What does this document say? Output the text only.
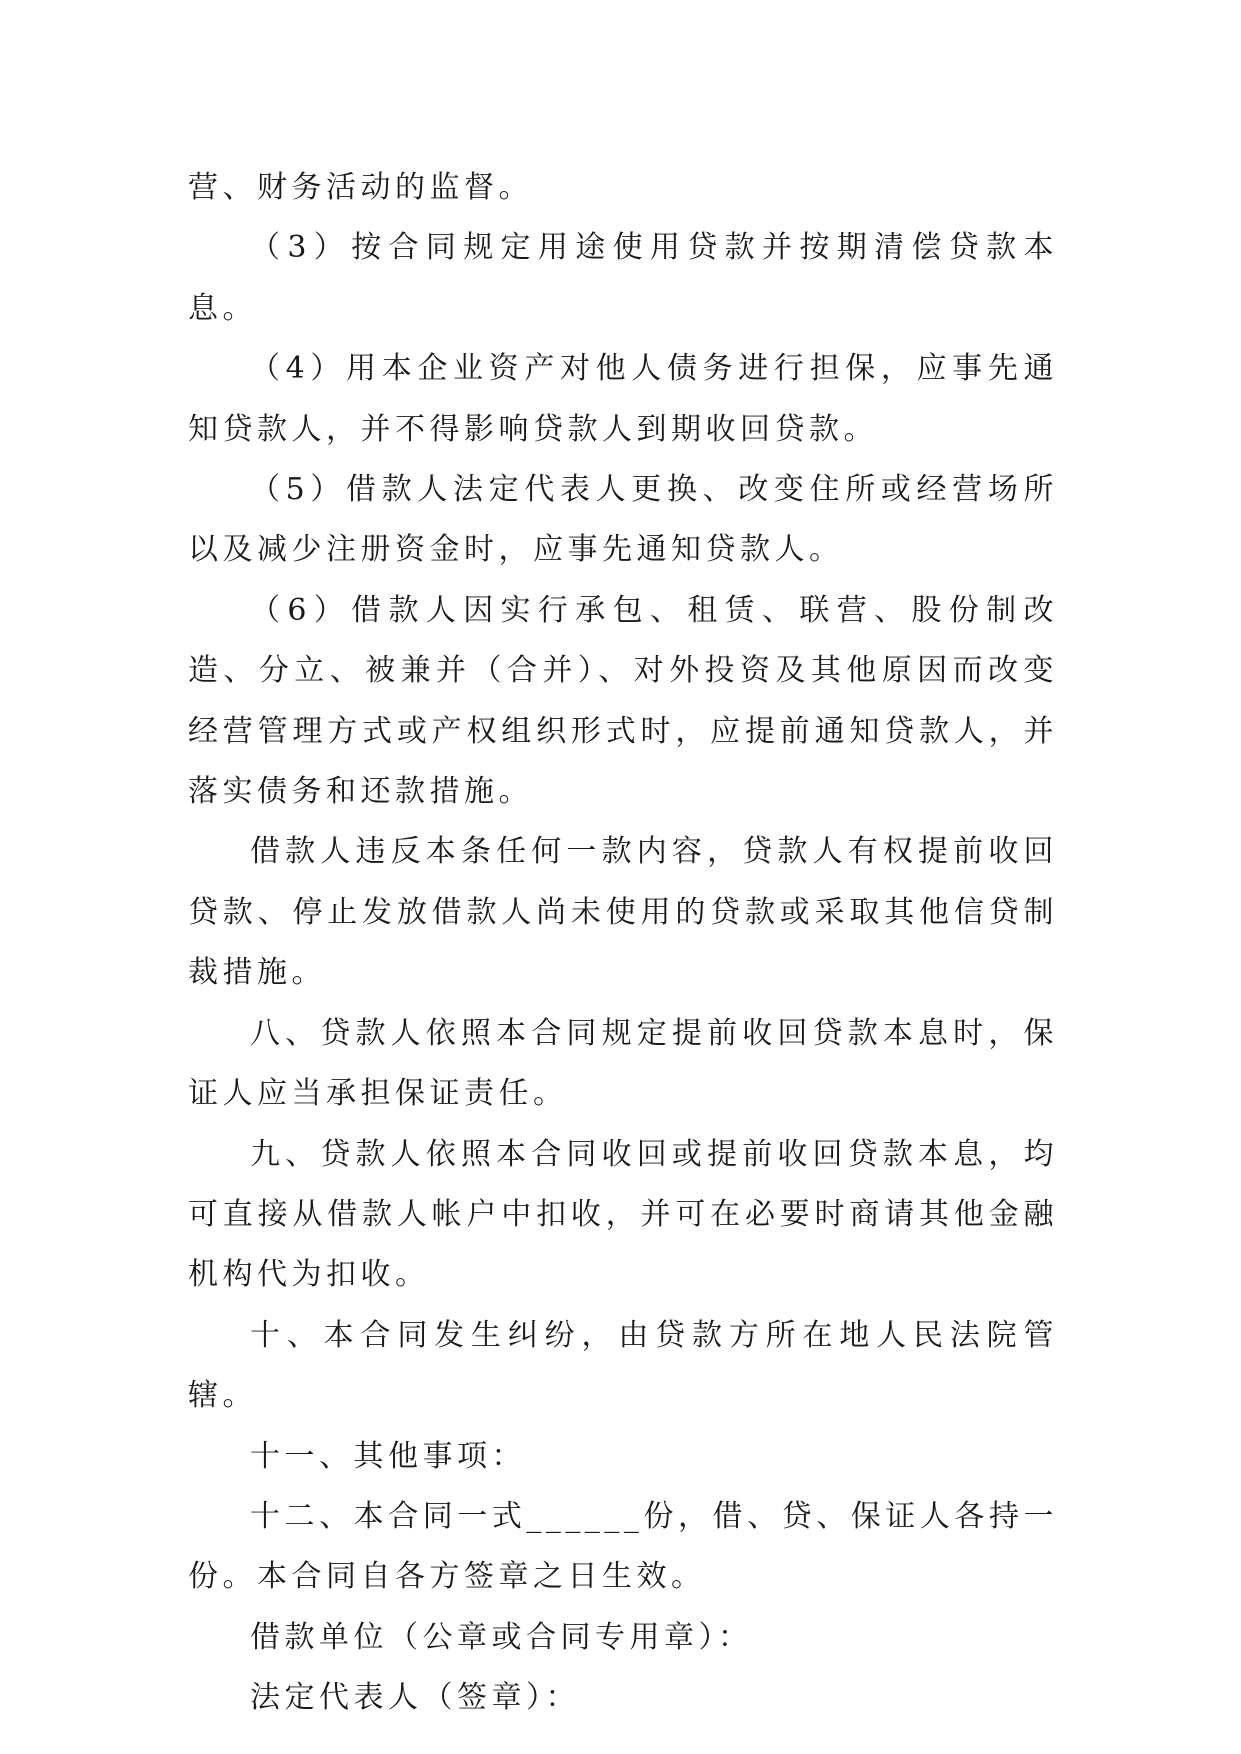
营、财务活动的监督。

（3）按合同规定用途使用贷款并按期清偿贷款本息。

（4）用本企业资产对他人债务进行担保，应事先通知贷款人，并不得影响贷款人到期收回贷款。

（5）借款人法定代表人更换、改变住所或经营场所以及减少注册资金时，应事先通知贷款人。

（6）借款人因实行承包、租赁、联营、股份制改造、分立、被兼并（合并）、对外投资及其他原因而改变经营管理方式或产权组织形式时，应提前通知贷款人，并落实债务和还款措施。

借款人违反本条任何一款内容，贷款人有权提前收回贷款、停止发放借款人尚未使用的贷款或采取其他信贷制裁措施。

八、贷款人依照本合同规定提前收回贷款本息时，保证人应当承担保证责任。

九、贷款人依照本合同收回或提前收回贷款本息，均可直接从借款人帐户中扣收，并可在必要时商请其他金融机构代为扣收。

十、本合同发生纠纷，由贷款方所在地人民法院管辖。

十一、其他事项：

十二、本合同一式______份，借、贷、保证人各持一份。本合同自各方签章之日生效。

借款单位（公章或合同专用章）：

法定代表人（签章）：
